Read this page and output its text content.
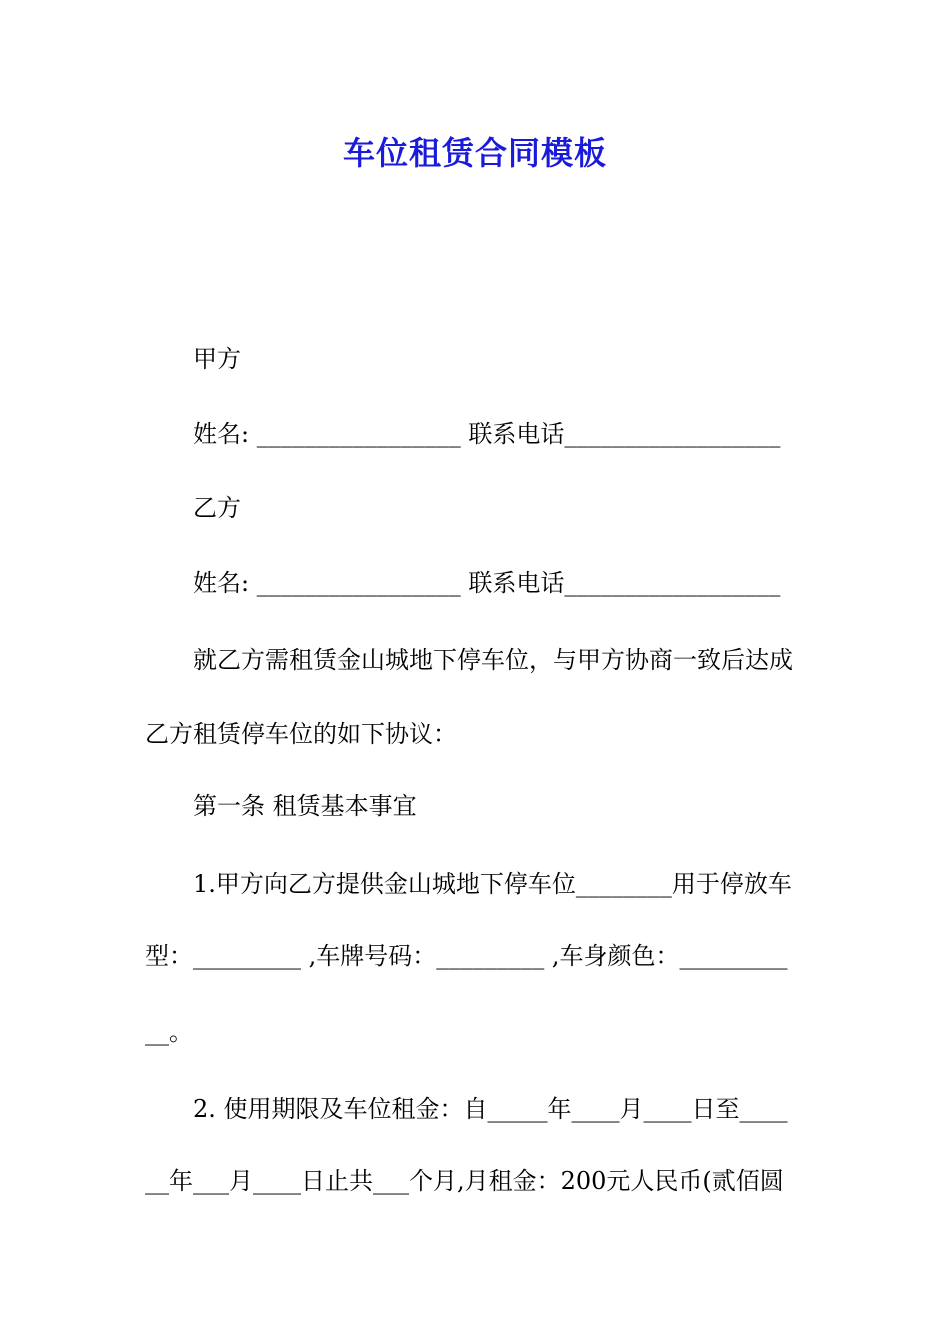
车位租赁合同模板
甲方
姓名: _________________ 联系电话__________________
乙方
姓名: _________________ 联系电话__________________
就乙方需租赁金山城地下停车位，与甲方协商一致后达成
乙方租赁停车位的如下协议：
第一条 租赁基本事宜
1.甲方向乙方提供金山城地下停车位________用于停放车
型：_________ ,车牌号码：_________ ,车身颜色：_________
__。
2. 使用期限及车位租金：自_____年____月____日至____
__年___月____日止共___个月,月租金：200元人民币(贰佰圆
